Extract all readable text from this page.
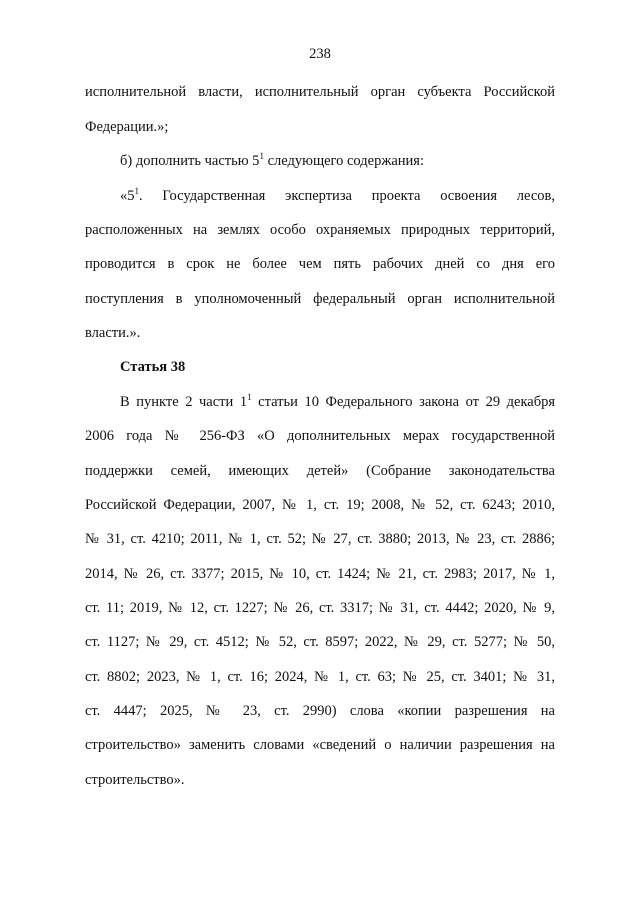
238
исполнительной власти, исполнительный орган субъекта Российской
Федерации.»;
б) дополнить частью $5^1$ следующего содержания:
«$5^1$. Государственная экспертиза проекта освоения лесов,
расположенных на землях особо охраняемых природных территорий,
проводится в срок не более чем пять рабочих дней со дня его
поступления в уполномоченный федеральный орган исполнительной
власти.».
Статья 38
В пункте 2 части $1^1$ статьи 10 Федерального закона от 29 декабря
2006 года № 256-ФЗ «О дополнительных мерах государственной
поддержки семей, имеющих детей» (Собрание законодательства
Российской Федерации, 2007, № 1, ст. 19; 2008, № 52, ст. 6243; 2010,
№ 31, ст. 4210; 2011, № 1, ст. 52; № 27, ст. 3880; 2013, № 23, ст. 2886;
2014, № 26, ст. 3377; 2015, № 10, ст. 1424; № 21, ст. 2983; 2017, № 1,
ст. 11; 2019, № 12, ст. 1227; № 26, ст. 3317; № 31, ст. 4442; 2020, № 9,
ст. 1127; № 29, ст. 4512; № 52, ст. 8597; 2022, № 29, ст. 5277; № 50,
ст. 8802; 2023, № 1, ст. 16; 2024, № 1, ст. 63; № 25, ст. 3401; № 31,
ст. 4447; 2025, № 23, ст. 2990) слова «копии разрешения на
строительство» заменить словами «сведений о наличии разрешения на
строительство».
